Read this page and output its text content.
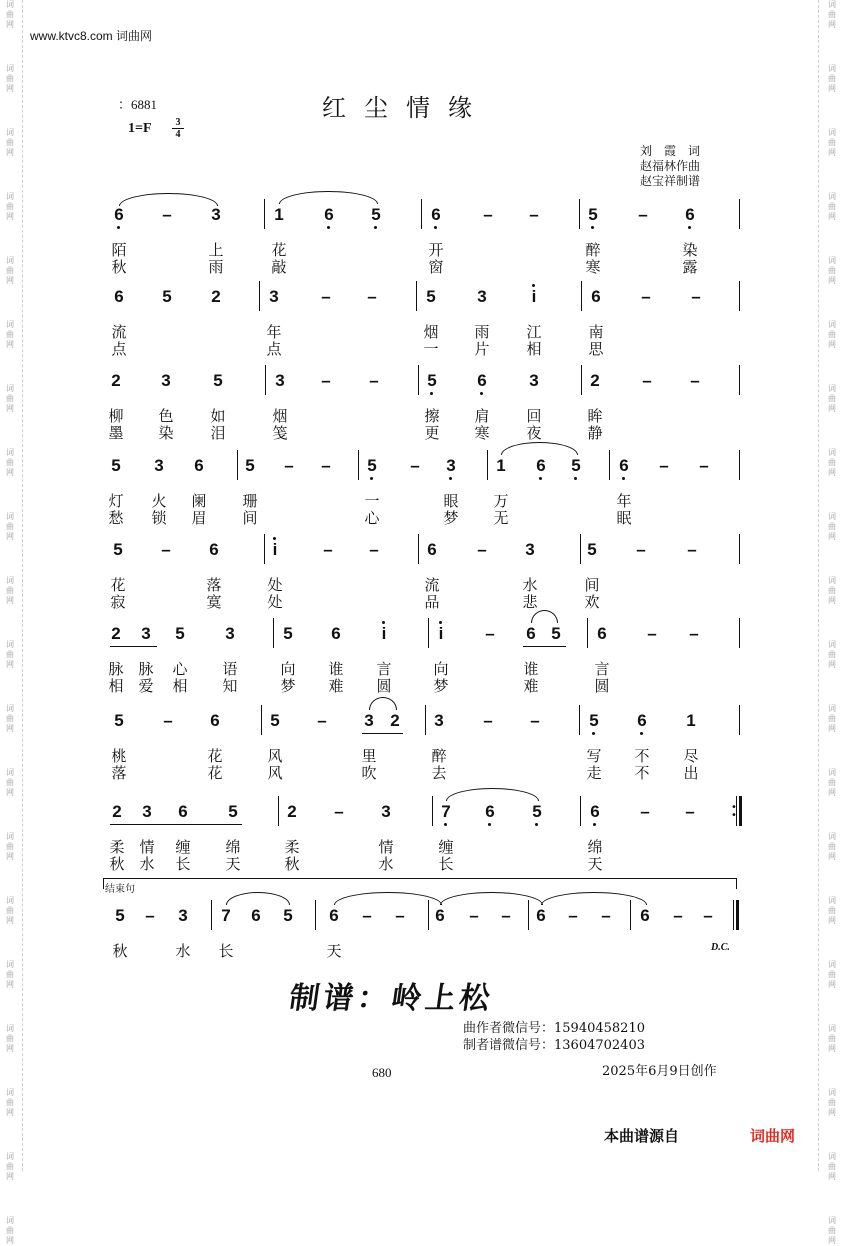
词
曲
网
词
曲
网
词
曲
网
词
曲
网
词
曲
网
词
曲
网
词
曲
网
词
曲
网
词
曲
网
词
曲
网
词
曲
网
词
曲
网
词
曲
网
词
曲
网
词
曲
网
词
曲
网
词
曲
网
词
曲
网
词
曲
网
词
曲
网
词
曲
网
词
曲
网
词
曲
网
词
曲
网
词
曲
网
词
曲
网
词
曲
网
词
曲
网
词
曲
网
词
曲
网
词
曲
网
词
曲
网
词
曲
网
词
曲
网
词
曲
网
词
曲
网
词
曲
网
词
曲
网
词
曲
网
词
曲
网
www.ktvc8.com 词曲网
：6881	红尘情缘
1=F	3
4
刘　霞　词
赵福林作曲
赵宝祥制谱
6
陌
秋
–	3
上
雨
1
花
敲
6	5	6
开
窗
–	–	5
醉
寒
–	6
染
露
6
流
点
5	2	3
年
点
–	–	5
烟
一
3
雨
片
i
江
相
6
南
思
–	–
2
柳
墨
3
色
染
5
如
泪
3
烟
笺
–	–	5
擦
更
6
肩
寒
3
回
夜
2
眸
静
–	–
5
灯
愁
3
火
锁
6
阑
眉
5
珊
间
–	–	5
一
心
–	3
眼
梦
1
万
无
6	5	6
年
眠
–	–
5
花
寂
–	6
落
寞
i
处
处
–	–	6
流
品
–	3
水
悲
5
间
欢
–	–
2
脉
相
3
脉
爱
5
心
相
3
语
知
5
向
梦
6
谁
难
i
言
圆
i
向
梦
–	6
谁
难
5	6
言
圆
–	–
5
桃
落
–	6
花
花
5
风
风
–	3
里
吹
2	3
醉
去
–	–	5
写
走
6
不
不
1
尽
出
2
柔
秋
3
情
水
6
缠
长
5
绵
天
2
柔
秋
–	3
情
水
7
缠
长
6	5	6
绵
天
–	–	•
•
5
秋
–	3
水
7
长
6	5	6
天
–	–	6	–	–	6	–	–	6	–	–
结束句
D.C.
制谱：岭上松
曲作者微信号：15940458210
制者谱微信号：13604702403
680	2025年6月9日创作
本曲谱源自	词曲网
